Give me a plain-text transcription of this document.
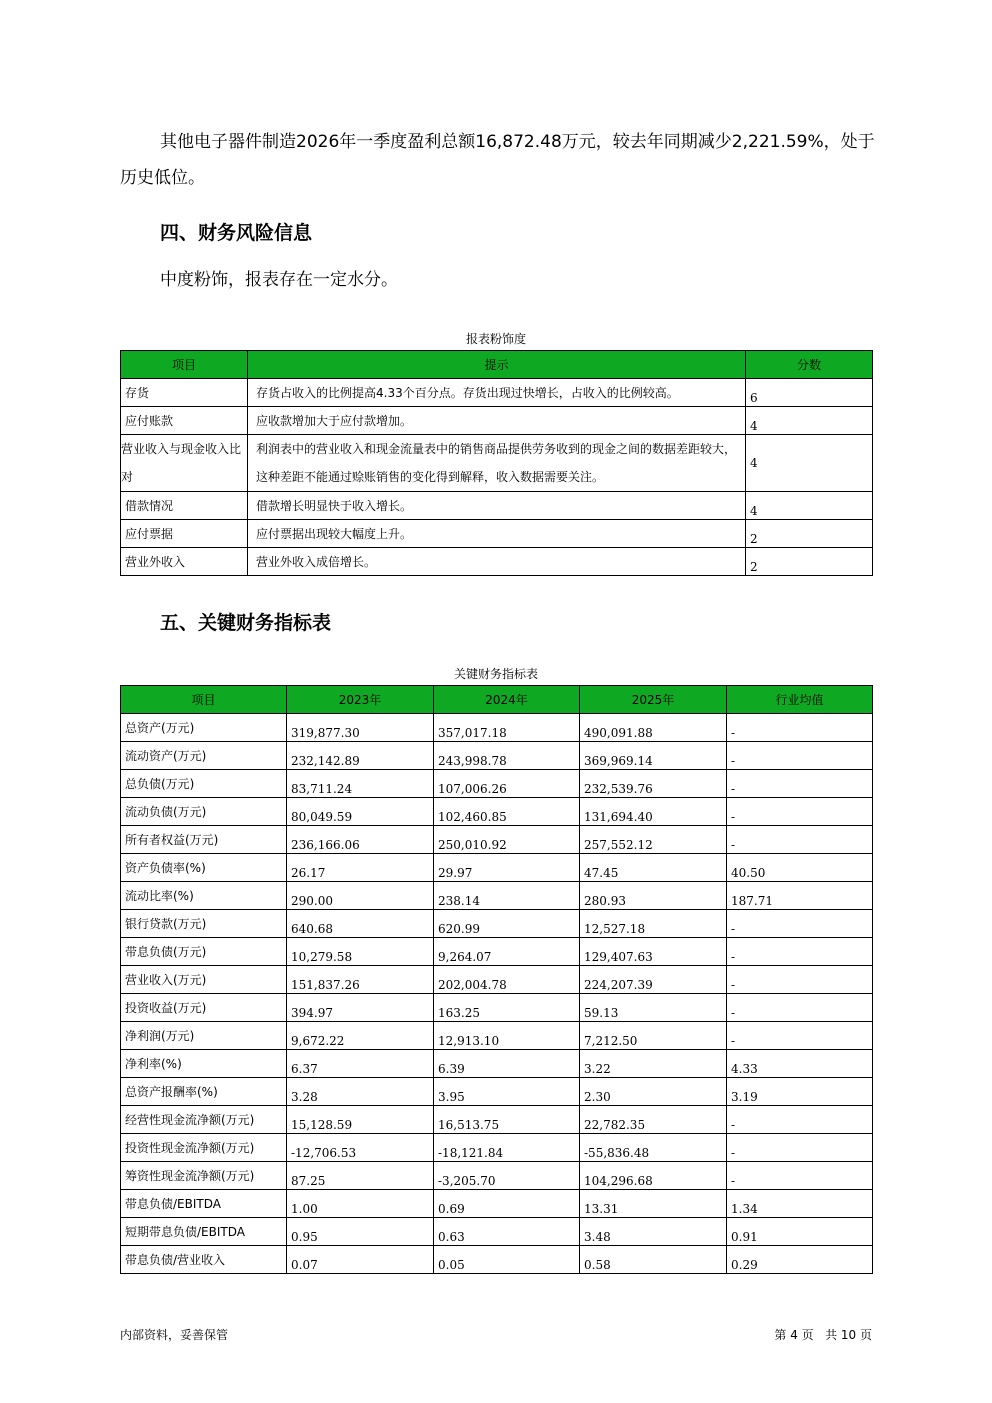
其他电子器件制造2026年一季度盈利总额16,872.48万元，较去年同期减少2,221.59%，处于
历史低位。
四、财务风险信息
中度粉饰，报表存在一定水分。
报表粉饰度
项目	提示	分数
存货	存货占收入的比例提高4.33个百分点。存货出现过快增长，占收入的比例较高。	6
应付账款	应收款增加大于应付款增加。	4
营业收入与现金收入比对	利润表中的营业收入和现金流量表中的销售商品提供劳务收到的现金之间的数据差距较大，这种差距不能通过赊账销售的变化得到解释，收入数据需要关注。	4
借款情况	借款增长明显快于收入增长。	4
应付票据	应付票据出现较大幅度上升。	2
营业外收入	营业外收入成倍增长。	2
五、关键财务指标表
关键财务指标表
项目	2023年	2024年	2025年	行业均值
总资产(万元)	319,877.30	357,017.18	490,091.88	-
流动资产(万元)	232,142.89	243,998.78	369,969.14	-
总负债(万元)	83,711.24	107,006.26	232,539.76	-
流动负债(万元)	80,049.59	102,460.85	131,694.40	-
所有者权益(万元)	236,166.06	250,010.92	257,552.12	-
资产负债率(%)	26.17	29.97	47.45	40.50
流动比率(%)	290.00	238.14	280.93	187.71
银行贷款(万元)	640.68	620.99	12,527.18	-
带息负债(万元)	10,279.58	9,264.07	129,407.63	-
营业收入(万元)	151,837.26	202,004.78	224,207.39	-
投资收益(万元)	394.97	163.25	59.13	-
净利润(万元)	9,672.22	12,913.10	7,212.50	-
净利率(%)	6.37	6.39	3.22	4.33
总资产报酬率(%)	3.28	3.95	2.30	3.19
经营性现金流净额(万元)	15,128.59	16,513.75	22,782.35	-
投资性现金流净额(万元)	-12,706.53	-18,121.84	-55,836.48	-
筹资性现金流净额(万元)	87.25	-3,205.70	104,296.68	-
带息负债/EBITDA	1.00	0.69	13.31	1.34
短期带息负债/EBITDA	0.95	0.63	3.48	0.91
带息负债/营业收入	0.07	0.05	0.58	0.29
内部资料，妥善保管	第 4 页   共 10 页
